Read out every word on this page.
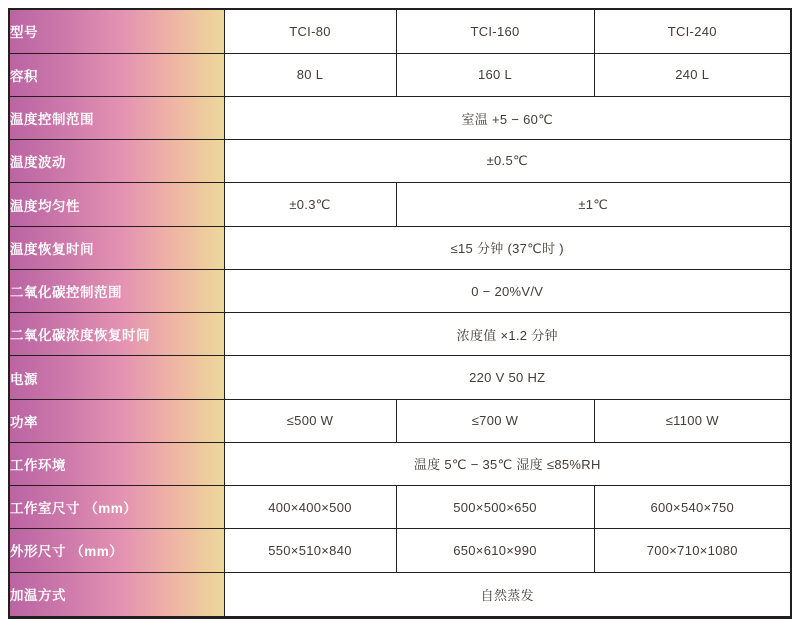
型号	TCI-80	TCI-160	TCI-240
容积	80 L	160 L	240 L
温度控制范围	室温 +5 − 60℃		
温度波动	±0.5℃		
温度均匀性	±0.3℃	±1℃	
温度恢复时间	≤15 分钟 (37℃时 )		
二氧化碳控制范围	0 − 20%V/V		
二氧化碳浓度恢复时间	浓度值 ×1.2 分钟		
电源	220 V 50 HZ		
功率	≤500 W	≤700 W	≤1100 W
工作环境	温度 5℃ − 35℃ 湿度 ≤85%RH		
工作室尺寸 （mm）	400×400×500	500×500×650	600×540×750
外形尺寸 （mm）	550×510×840	650×610×990	700×710×1080
加温方式	自然蒸发		
